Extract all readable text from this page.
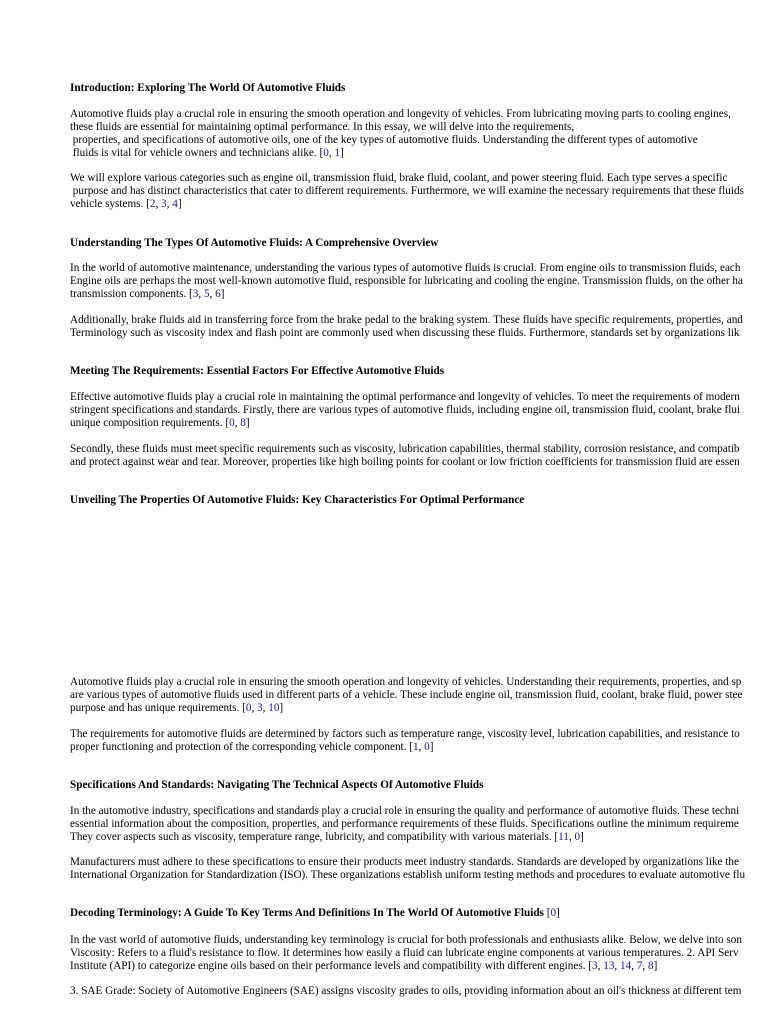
Introduction: Exploring The World Of Automotive Fluids
Automotive fluids play a crucial role in ensuring the smooth operation and longevity of vehicles. From lubricating moving parts to cooling engines,
these fluids are essential for maintaining optimal performance. In this essay, we will delve into the requirements,
properties, and specifications of automotive oils, one of the key types of automotive fluids. Understanding the different types of automotive
fluids is vital for vehicle owners and technicians alike. [0, 1]
We will explore various categories such as engine oil, transmission fluid, brake fluid, coolant, and power steering fluid. Each type serves a specific
purpose and has distinct characteristics that cater to different requirements. Furthermore, we will examine the necessary requirements that these fluids
vehicle systems. [2, 3, 4]
Understanding The Types Of Automotive Fluids: A Comprehensive Overview
In the world of automotive maintenance, understanding the various types of automotive fluids is crucial. From engine oils to transmission fluids, each
Engine oils are perhaps the most well-known automotive fluid, responsible for lubricating and cooling the engine. Transmission fluids, on the other ha
transmission components. [3, 5, 6]
Additionally, brake fluids aid in transferring force from the brake pedal to the braking system. These fluids have specific requirements, properties, and
Terminology such as viscosity index and flash point are commonly used when discussing these fluids. Furthermore, standards set by organizations lik
Meeting The Requirements: Essential Factors For Effective Automotive Fluids
Effective automotive fluids play a crucial role in maintaining the optimal performance and longevity of vehicles. To meet the requirements of modern
stringent specifications and standards. Firstly, there are various types of automotive fluids, including engine oil, transmission fluid, coolant, brake flui
unique composition requirements. [0, 8]
Secondly, these fluids must meet specific requirements such as viscosity, lubrication capabilities, thermal stability, corrosion resistance, and compatib
and protect against wear and tear. Moreover, properties like high boiling points for coolant or low friction coefficients for transmission fluid are essen
Unveiling The Properties Of Automotive Fluids: Key Characteristics For Optimal Performance
Automotive fluids play a crucial role in ensuring the smooth operation and longevity of vehicles. Understanding their requirements, properties, and sp
are various types of automotive fluids used in different parts of a vehicle. These include engine oil, transmission fluid, coolant, brake fluid, power stee
purpose and has unique requirements. [0, 3, 10]
The requirements for automotive fluids are determined by factors such as temperature range, viscosity level, lubrication capabilities, and resistance to
proper functioning and protection of the corresponding vehicle component. [1, 0]
Specifications And Standards: Navigating The Technical Aspects Of Automotive Fluids
In the automotive industry, specifications and standards play a crucial role in ensuring the quality and performance of automotive fluids. These techni
essential information about the composition, properties, and performance requirements of these fluids. Specifications outline the minimum requireme
They cover aspects such as viscosity, temperature range, lubricity, and compatibility with various materials. [11, 0]
Manufacturers must adhere to these specifications to ensure their products meet industry standards. Standards are developed by organizations like the
International Organization for Standardization (ISO). These organizations establish uniform testing methods and procedures to evaluate automotive flu
Decoding Terminology: A Guide To Key Terms And Definitions In The World Of Automotive Fluids [0]
In the vast world of automotive fluids, understanding key terminology is crucial for both professionals and enthusiasts alike. Below, we delve into son
Viscosity: Refers to a fluid's resistance to flow. It determines how easily a fluid can lubricate engine components at various temperatures. 2. API Serv
Institute (API) to categorize engine oils based on their performance levels and compatibility with different engines. [3, 13, 14, 7, 8]
3. SAE Grade: Society of Automotive Engineers (SAE) assigns viscosity grades to oils, providing information about an oil's thickness at different tem
